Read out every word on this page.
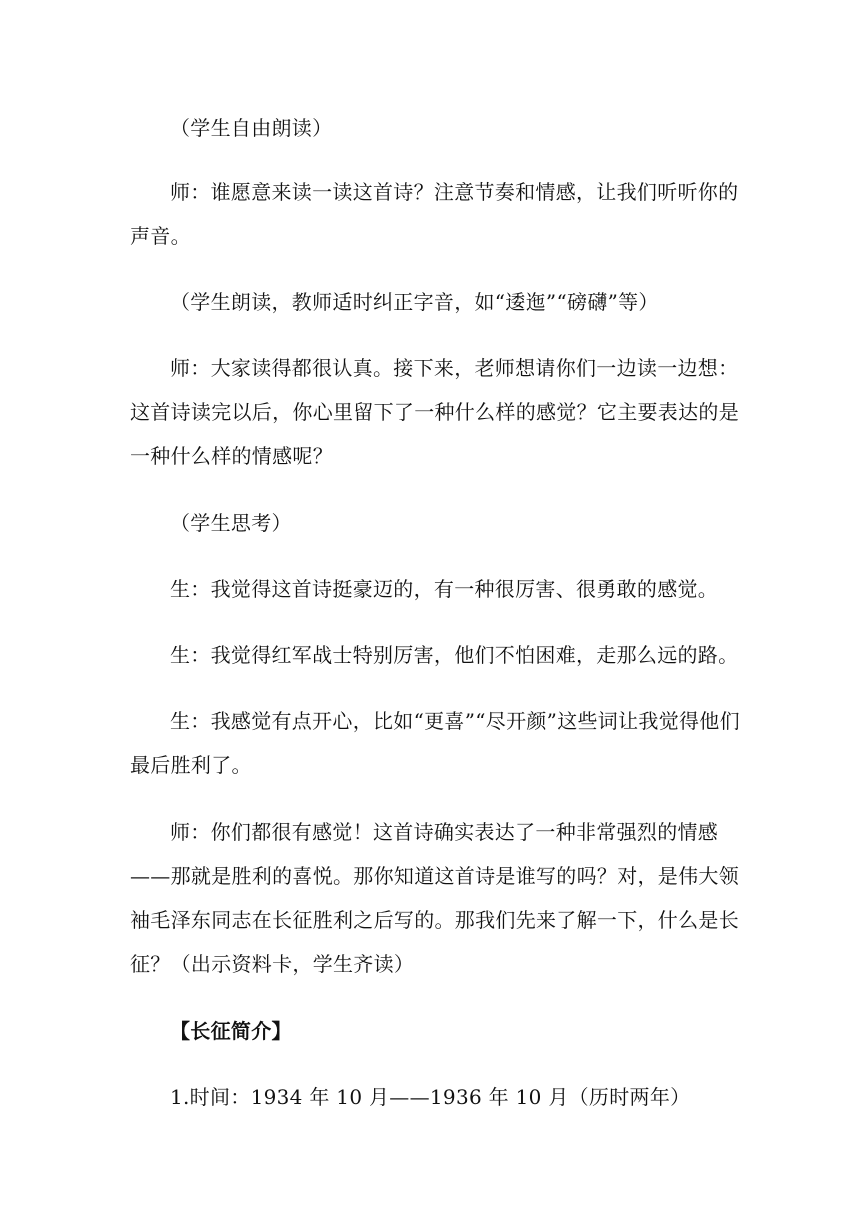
（学生自由朗读）

师：谁愿意来读一读这首诗？注意节奏和情感，让我们听听你的声音。

（学生朗读，教师适时纠正字音，如“逶迤”“磅礴”等）

师：大家读得都很认真。接下来，老师想请你们一边读一边想：这首诗读完以后，你心里留下了一种什么样的感觉？它主要表达的是一种什么样的情感呢？

（学生思考）

生：我觉得这首诗挺豪迈的，有一种很厉害、很勇敢的感觉。

生：我觉得红军战士特别厉害，他们不怕困难，走那么远的路。

生：我感觉有点开心，比如“更喜”“尽开颜”这些词让我觉得他们最后胜利了。

师：你们都很有感觉！这首诗确实表达了一种非常强烈的情感——那就是胜利的喜悦。那你知道这首诗是谁写的吗？对，是伟大领袖毛泽东同志在长征胜利之后写的。那我们先来了解一下，什么是长征？（出示资料卡，学生齐读）

【长征简介】

1.时间：1934 年 10 月——1936 年 10 月（历时两年）
